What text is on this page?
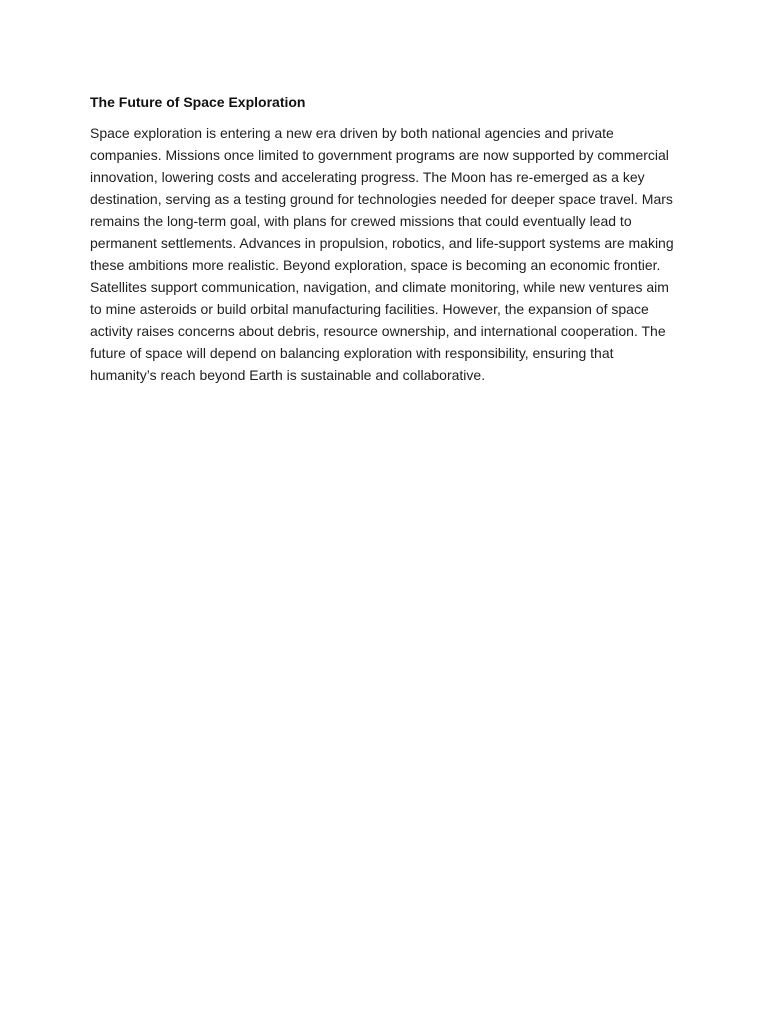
The Future of Space Exploration

Space exploration is entering a new era driven by both national agencies and private companies. Missions once limited to government programs are now supported by commercial innovation, lowering costs and accelerating progress. The Moon has re-emerged as a key destination, serving as a testing ground for technologies needed for deeper space travel. Mars remains the long-term goal, with plans for crewed missions that could eventually lead to permanent settlements. Advances in propulsion, robotics, and life-support systems are making these ambitions more realistic. Beyond exploration, space is becoming an economic frontier. Satellites support communication, navigation, and climate monitoring, while new ventures aim to mine asteroids or build orbital manufacturing facilities. However, the expansion of space activity raises concerns about debris, resource ownership, and international cooperation. The future of space will depend on balancing exploration with responsibility, ensuring that humanity’s reach beyond Earth is sustainable and collaborative.
